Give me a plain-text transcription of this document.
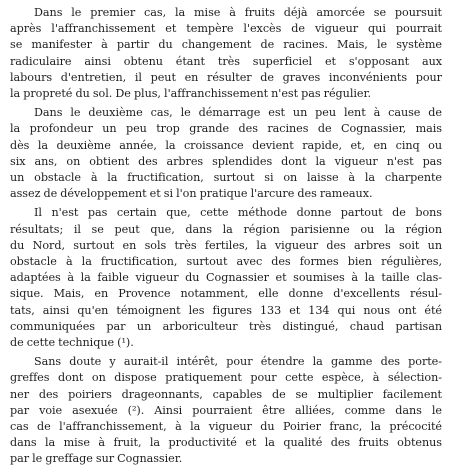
Dans le premier cas, la mise à fruits déjà amorcée se poursuit
après l'affranchissement et tempère l'excès de vigueur qui pourrait
se manifester à partir du changement de racines. Mais, le système
radiculaire ainsi obtenu étant très superficiel et s'opposant aux
labours d'entretien, il peut en résulter de graves inconvénients pour
la propreté du sol. De plus, l'affranchissement n'est pas régulier.

Dans le deuxième cas, le démarrage est un peu lent à cause de
la profondeur un peu trop grande des racines de Cognassier, mais
dès la deuxième année, la croissance devient rapide, et, en cinq ou
six ans, on obtient des arbres splendides dont la vigueur n'est pas
un obstacle à la fructification, surtout si on laisse à la charpente
assez de développement et si l'on pratique l'arcure des rameaux.

Il n'est pas certain que, cette méthode donne partout de bons
résultats; il se peut que, dans la région parisienne ou la région
du Nord, surtout en sols très fertiles, la vigueur des arbres soit un
obstacle à la fructification, surtout avec des formes bien régulières,
adaptées à la faible vigueur du Cognassier et soumises à la taille clas-
sique. Mais, en Provence notamment, elle donne d'excellents résul-
tats, ainsi qu'en témoignent les figures 133 et 134 qui nous ont été
communiquées par un arboriculteur très distingué, chaud partisan
de cette technique (¹).

Sans doute y aurait-il intérêt, pour étendre la gamme des porte-
greffes dont on dispose pratiquement pour cette espèce, à sélection-
ner des poiriers drageonnants, capables de se multiplier facilement
par voie asexuée (²). Ainsi pourraient être alliées, comme dans le
cas de l'affranchissement, à la vigueur du Poirier franc, la précocité
dans la mise à fruit, la productivité et la qualité des fruits obtenus
par le greffage sur Cognassier.
